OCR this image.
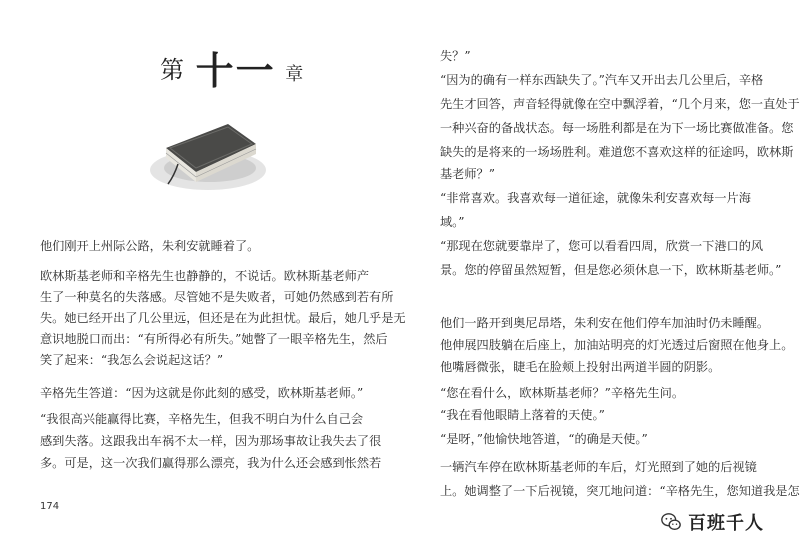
第 十一 章
他们刚开上州际公路，朱利安就睡着了。
欧林斯基老师和辛格先生也静静的，不说话。欧林斯基老师产
生了一种莫名的失落感。尽管她不是失败者，可她仍然感到若有所
失。她已经开出了几公里远，但还是在为此担忧。最后，她几乎是无
意识地脱口而出：“有所得必有所失。”她瞥了一眼辛格先生，然后
笑了起来：“我怎么会说起这话？”
辛格先生答道：“因为这就是你此刻的感受，欧林斯基老师。”
“我很高兴能赢得比赛，辛格先生，但我不明白为什么自己会
感到失落。这跟我出车祸不太一样，因为那场事故让我失去了很
多。可是，这一次我们赢得那么漂亮，我为什么还会感到怅然若
174
失？”
“因为的确有一样东西缺失了。”汽车又开出去几公里后，辛格
先生才回答，声音轻得就像在空中飘浮着，“几个月来，您一直处于
一种兴奋的备战状态。每一场胜利都是在为下一场比赛做准备。您
缺失的是将来的一场场胜利。难道您不喜欢这样的征途吗，欧林斯
基老师？”
“非常喜欢。我喜欢每一道征途，就像朱利安喜欢每一片海
域。”
“那现在您就要靠岸了，您可以看看四周，欣赏一下港口的风
景。您的停留虽然短暂，但是您必须休息一下，欧林斯基老师。”
他们一路开到奥尼昂塔，朱利安在他们停车加油时仍未睡醒。
他伸展四肢躺在后座上，加油站明亮的灯光透过后窗照在他身上。
他嘴唇微张，睫毛在脸颊上投射出两道半圆的阴影。
“您在看什么，欧林斯基老师？”辛格先生问。
“我在看他眼睛上落着的天使。”
“是呀，”他愉快地答道，“的确是天使。”
一辆汽车停在欧林斯基老师的车后，灯光照到了她的后视镜
上。她调整了一下后视镜，突兀地问道：“辛格先生，您知道我是怎
百班千人
